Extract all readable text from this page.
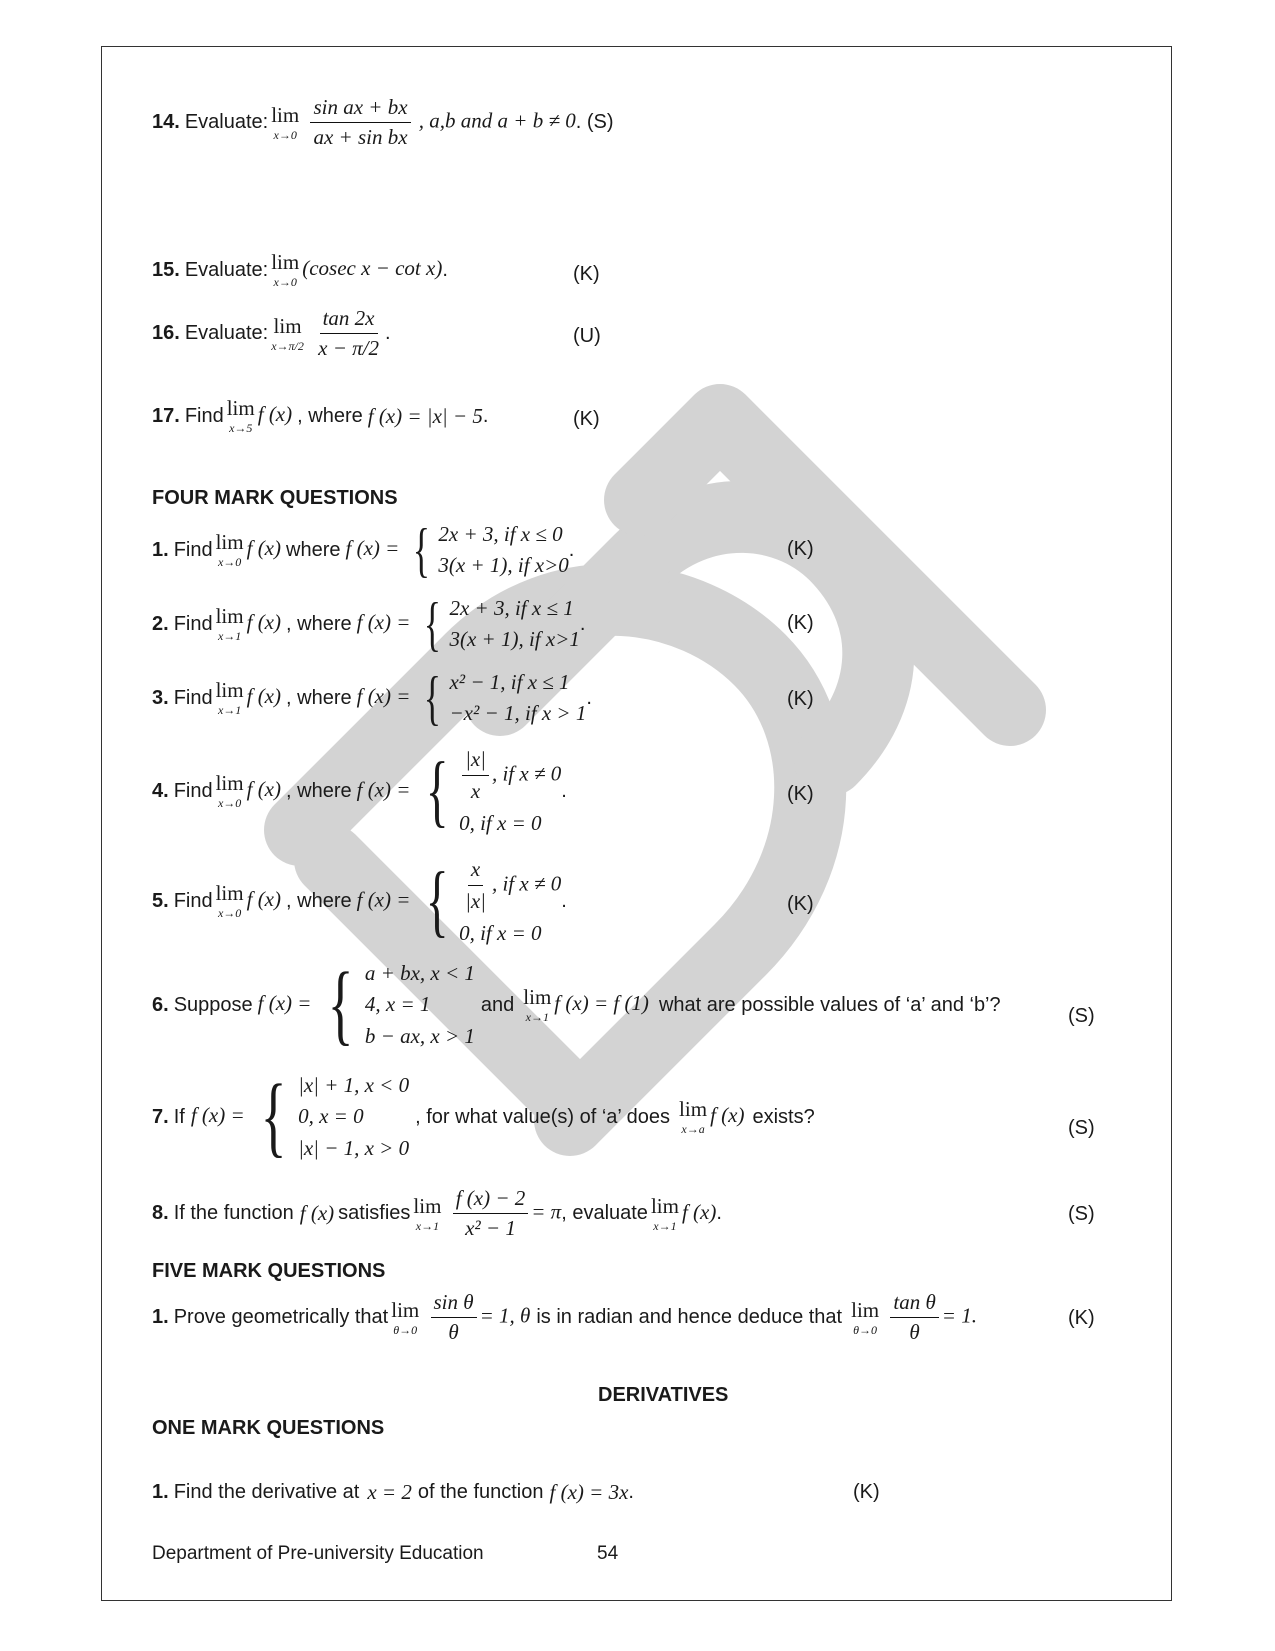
14. Evaluate: lim
x→0
$\frac{\text{sin ax + bx}}{\text{ax + sin bx}}$ , a,b and a + b ≠ 0 . (S)
15. Evaluate: lim
x→0
(cosec x − cot x) .	(K)
16. Evaluate: lim
x→π/2
$\frac{\tan 2x}{x - \pi/2}$ .	(U)
17. Find lim
x→5
f (x) , where f (x) = |x| − 5 .	(K)
FOUR MARK QUESTIONS
1. Find lim
x→0
f (x) where f (x) = { 2x + 3, if x ≤ 0
3(x + 1), if x>0
.	(K)
2. Find lim
x→1
f (x) , where f (x) = { 2x + 3, if x ≤ 1
3(x + 1), if x>1
.	(K)
3. Find lim
x→1
f (x) , where f (x) = { x² − 1, if x ≤ 1
−x² − 1, if x > 1
.	(K)
4. Find lim
x→0
f (x) , where f (x) = { $\frac{|x|}{x}$ , if x ≠ 0
0, if x = 0
.	(K)
5. Find lim
x→0
f (x) , where f (x) = { $\frac{x}{|x|}$ , if x ≠ 0
0, if x = 0
.	(K)
6. Suppose f (x) = { a + bx, x < 1
4, x = 1
b − ax, x > 1
and lim
x→1
f (x) = f (1) what are possible values of ‘a’ and ‘b’?
(S)
7. If f (x) = { |x| + 1, x < 0
0, x = 0
|x| − 1, x > 0
, for what value(s) of ‘a’ does lim
x→a
f (x) exists?
(S)
8. If the function f (x) satisfies lim
x→1
$\frac{f (x) - 2}{\text{x² − 1}} = \pi$ , evaluate lim
x→1
f (x) .	(S)
FIVE MARK QUESTIONS
1. Prove geometrically that lim
θ→0
$\frac{\text{sin θ}}{\theta} = 1$, θ is in radian and hence deduce that lim
θ→0
$\frac{\text{tan θ}}{\theta} = 1$.	(K)
DERIVATIVES
ONE MARK QUESTIONS
1. Find the derivative at x = 2 of the function f (x) = 3x .	(K)
Department of Pre-university Education	54
